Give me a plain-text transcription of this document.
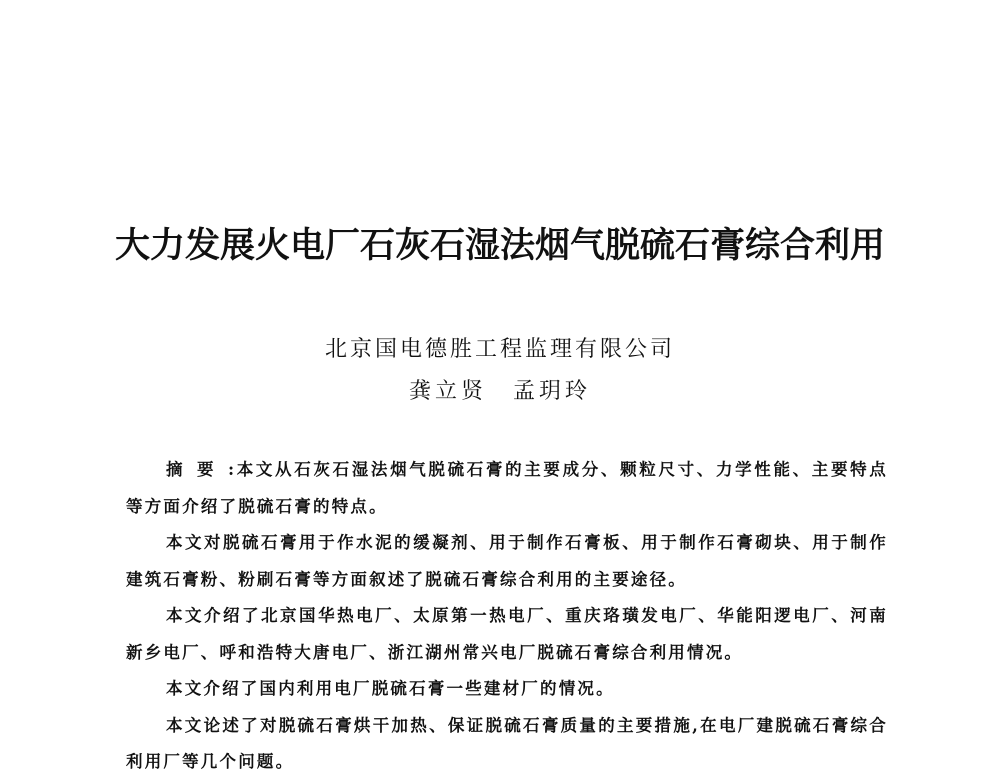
大力发展火电厂石灰石湿法烟气脱硫石膏综合利用
北京国电德胜工程监理有限公司
龚立贤 孟玥玲

摘要:本文从石灰石湿法烟气脱硫石膏的主要成分、颗粒尺寸、力学性能、主要特点等方面介绍了脱硫石膏的特点。

本文对脱硫石膏用于作水泥的缓凝剂、用于制作石膏板、用于制作石膏砌块、用于制作建筑石膏粉、粉刷石膏等方面叙述了脱硫石膏综合利用的主要途径。

本文介绍了北京国华热电厂、太原第一热电厂、重庆珞璜发电厂、华能阳逻电厂、河南新乡电厂、呼和浩特大唐电厂、浙江湖州常兴电厂脱硫石膏综合利用情况。

本文介绍了国内利用电厂脱硫石膏一些建材厂的情况。

本文论述了对脱硫石膏烘干加热、保证脱硫石膏质量的主要措施,在电厂建脱硫石膏综合利用厂等几个问题。
